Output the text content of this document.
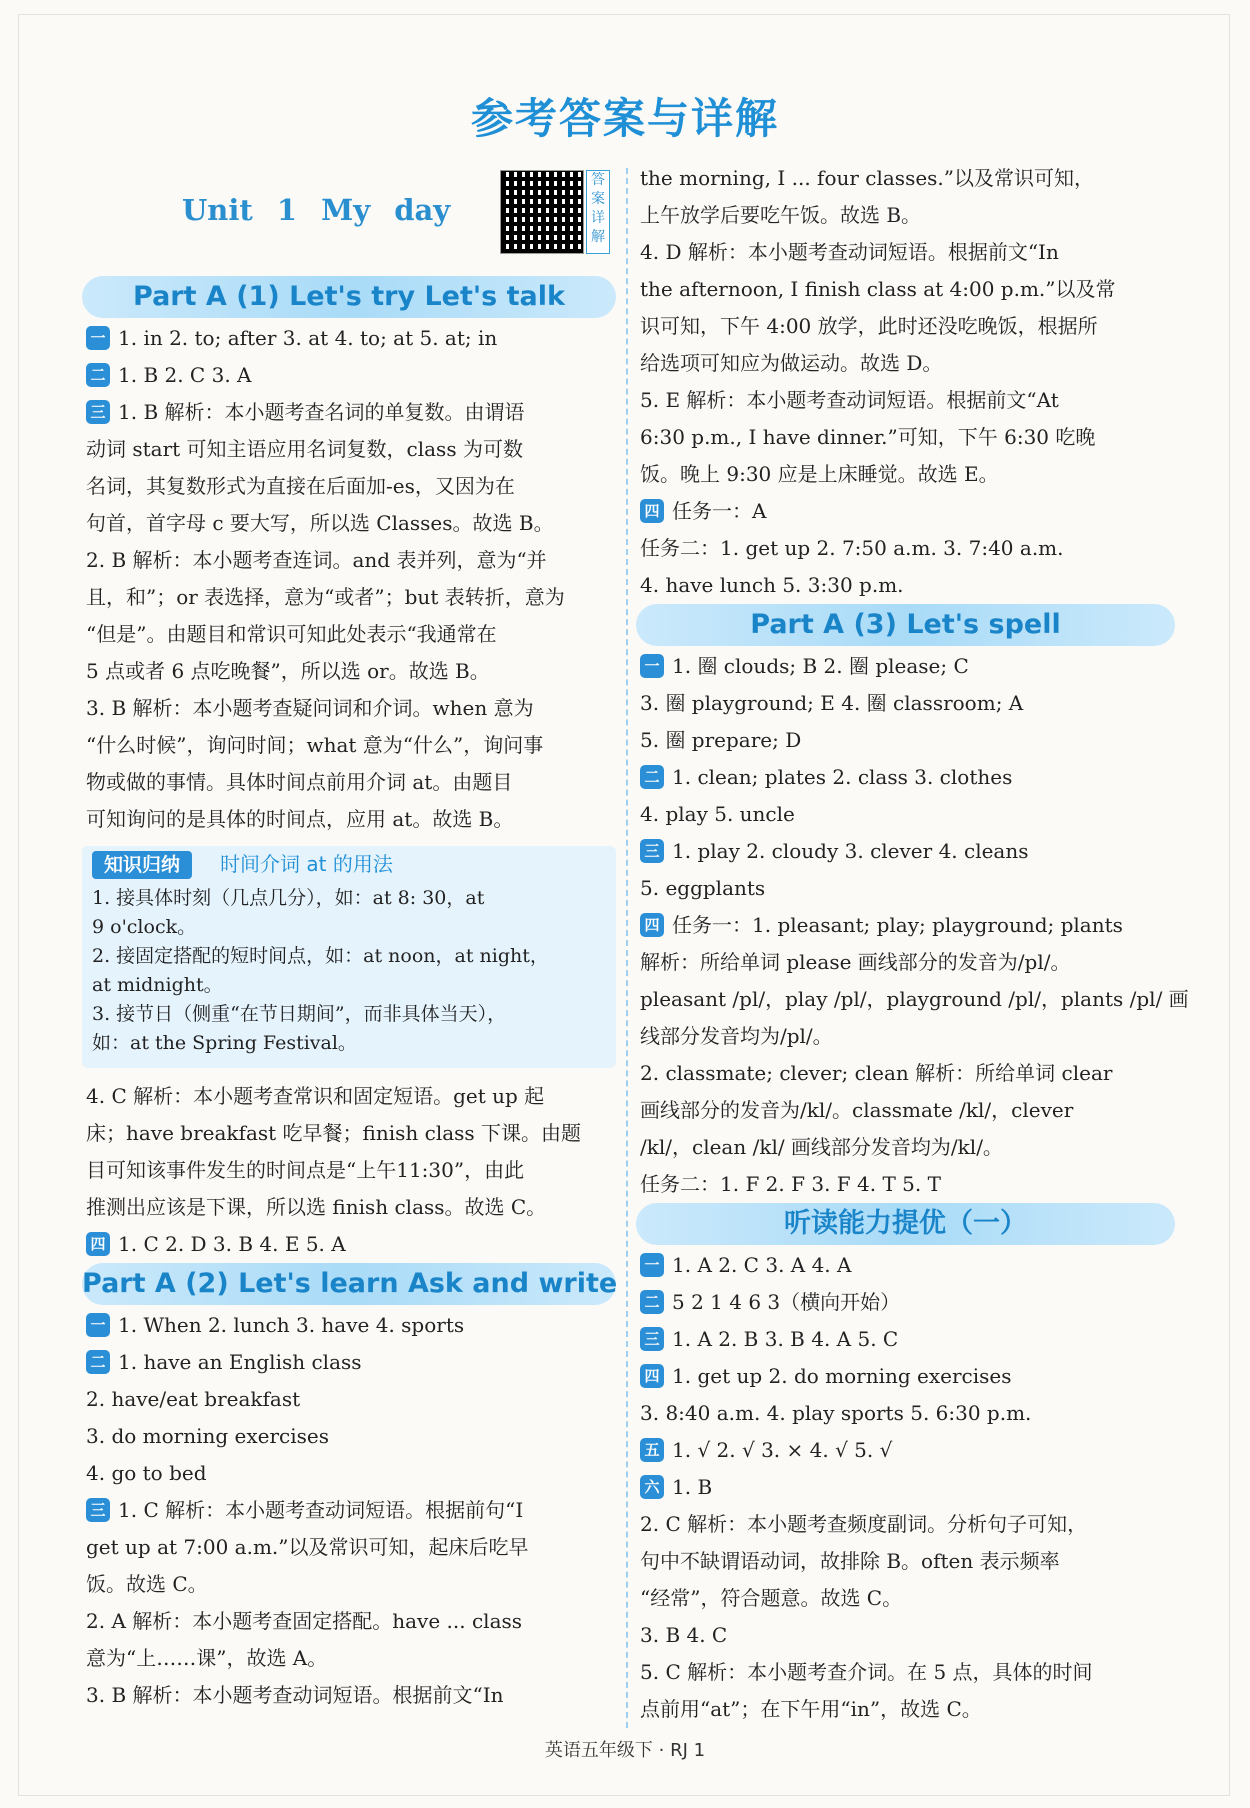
参考答案与详解
Unit 1 My day
答案详解
Part A (1) Let's try Let's talk
一 1. in 2. to; after 3. at 4. to; at 5. at; in
二 1. B 2. C 3. A
三 1. B 解析：本小题考查名词的单复数。由谓语
动词 start 可知主语应用名词复数，class 为可数
名词，其复数形式为直接在后面加-es，又因为在
句首，首字母 c 要大写，所以选 Classes。故选 B。
2. B 解析：本小题考查连词。and 表并列，意为“并
且，和”；or 表选择，意为“或者”；but 表转折，意为
“但是”。由题目和常识可知此处表示“我通常在
5 点或者 6 点吃晚餐”，所以选 or。故选 B。
3. B 解析：本小题考查疑问词和介词。when 意为
“什么时候”，询问时间；what 意为“什么”，询问事
物或做的事情。具体时间点前用介词 at。由题目
可知询问的是具体的时间点，应用 at。故选 B。
知识归纳 时间介词 at 的用法
1. 接具体时刻（几点几分），如：at 8: 30，at
9 o'clock。
2. 接固定搭配的短时间点，如：at noon，at night，
at midnight。
3. 接节日（侧重“在节日期间”，而非具体当天），
如：at the Spring Festival。
4. C 解析：本小题考查常识和固定短语。get up 起
床；have breakfast 吃早餐；finish class 下课。由题
目可知该事件发生的时间点是“上午11:30”，由此
推测出应该是下课，所以选 finish class。故选 C。
四 1. C 2. D 3. B 4. E 5. A
Part A (2) Let's learn Ask and write
一 1. When 2. lunch 3. have 4. sports
二 1. have an English class
2. have/eat breakfast
3. do morning exercises
4. go to bed
三 1. C 解析：本小题考查动词短语。根据前句“I
get up at 7:00 a.m.”以及常识可知，起床后吃早
饭。故选 C。
2. A 解析：本小题考查固定搭配。have ... class
意为“上……课”，故选 A。
3. B 解析：本小题考查动词短语。根据前文“In
the morning, I ... four classes.”以及常识可知，
上午放学后要吃午饭。故选 B。
4. D 解析：本小题考查动词短语。根据前文“In
the afternoon, I finish class at 4:00 p.m.”以及常
识可知，下午 4:00 放学，此时还没吃晚饭，根据所
给选项可知应为做运动。故选 D。
5. E 解析：本小题考查动词短语。根据前文“At
6:30 p.m., I have dinner.”可知，下午 6:30 吃晚
饭。晚上 9:30 应是上床睡觉。故选 E。
四 任务一：A
任务二：1. get up 2. 7:50 a.m. 3. 7:40 a.m.
4. have lunch 5. 3:30 p.m.
Part A (3) Let's spell
一 1. 圈 clouds; B 2. 圈 please; C
3. 圈 playground; E 4. 圈 classroom; A
5. 圈 prepare; D
二 1. clean; plates 2. class 3. clothes
4. play 5. uncle
三 1. play 2. cloudy 3. clever 4. cleans
5. eggplants
四 任务一：1. pleasant; play; playground; plants
解析：所给单词 please 画线部分的发音为/pl/。
pleasant /pl/，play /pl/，playground /pl/，plants /pl/ 画
线部分发音均为/pl/。
2. classmate; clever; clean 解析：所给单词 clear
画线部分的发音为/kl/。classmate /kl/，clever
/kl/，clean /kl/ 画线部分发音均为/kl/。
任务二：1. F 2. F 3. F 4. T 5. T
听读能力提优（一）
一 1. A 2. C 3. A 4. A
二 5 2 1 4 6 3（横向开始）
三 1. A 2. B 3. B 4. A 5. C
四 1. get up 2. do morning exercises
3. 8:40 a.m. 4. play sports 5. 6:30 p.m.
五 1. √ 2. √ 3. × 4. √ 5. √
六 1. B
2. C 解析：本小题考查频度副词。分析句子可知，
句中不缺谓语动词，故排除 B。often 表示频率
“经常”，符合题意。故选 C。
3. B 4. C
5. C 解析：本小题考查介词。在 5 点，具体的时间
点前用“at”；在下午用“in”，故选 C。
英语五年级下 · RJ 1
